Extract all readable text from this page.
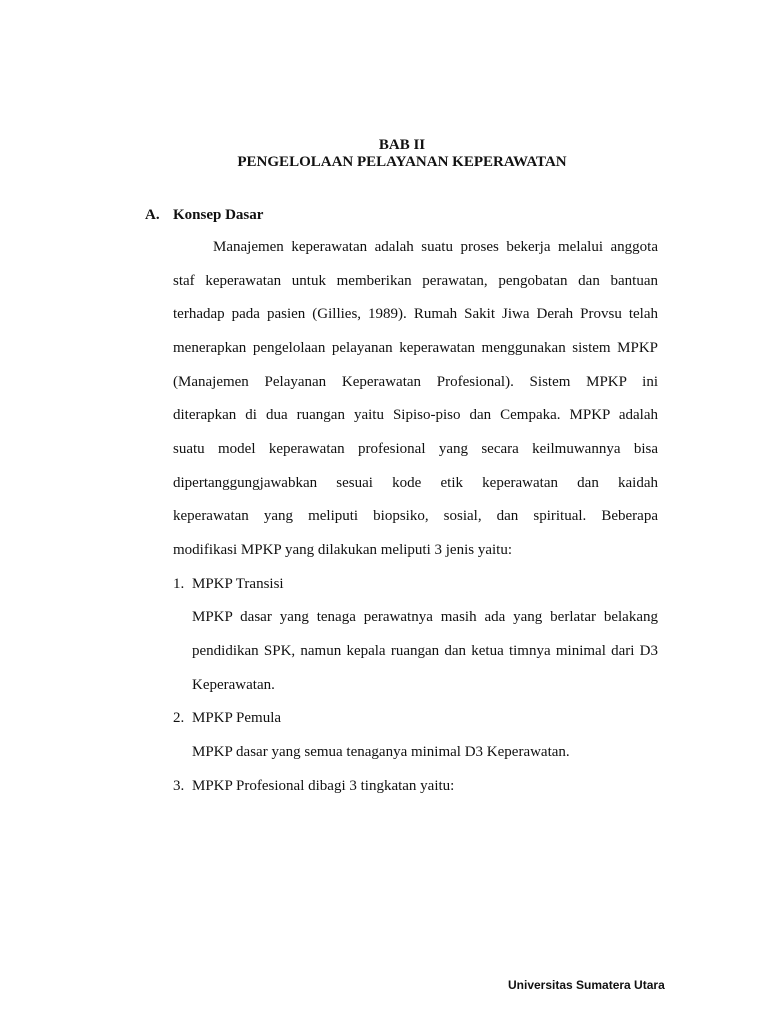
BAB II
PENGELOLAAN PELAYANAN KEPERAWATAN
A. Konsep Dasar
Manajemen keperawatan adalah suatu proses bekerja melalui anggota
staf keperawatan untuk memberikan perawatan, pengobatan dan bantuan
terhadap pada pasien (Gillies, 1989). Rumah Sakit Jiwa Derah Provsu telah
menerapkan pengelolaan pelayanan keperawatan menggunakan sistem MPKP
(Manajemen Pelayanan Keperawatan Profesional). Sistem MPKP ini
diterapkan di dua ruangan yaitu Sipiso-piso dan Cempaka. MPKP adalah
suatu model keperawatan profesional yang secara keilmuwannya bisa
dipertanggungjawabkan sesuai kode etik keperawatan dan kaidah
keperawatan yang meliputi biopsiko, sosial, dan spiritual. Beberapa
modifikasi MPKP yang dilakukan meliputi 3 jenis yaitu:
1. MPKP Transisi
MPKP dasar yang tenaga perawatnya masih ada yang berlatar belakang
pendidikan SPK, namun kepala ruangan dan ketua timnya minimal dari D3
Keperawatan.
2. MPKP Pemula
MPKP dasar yang semua tenaganya minimal D3 Keperawatan.
3. MPKP Profesional dibagi 3 tingkatan yaitu:
Universitas Sumatera Utara
